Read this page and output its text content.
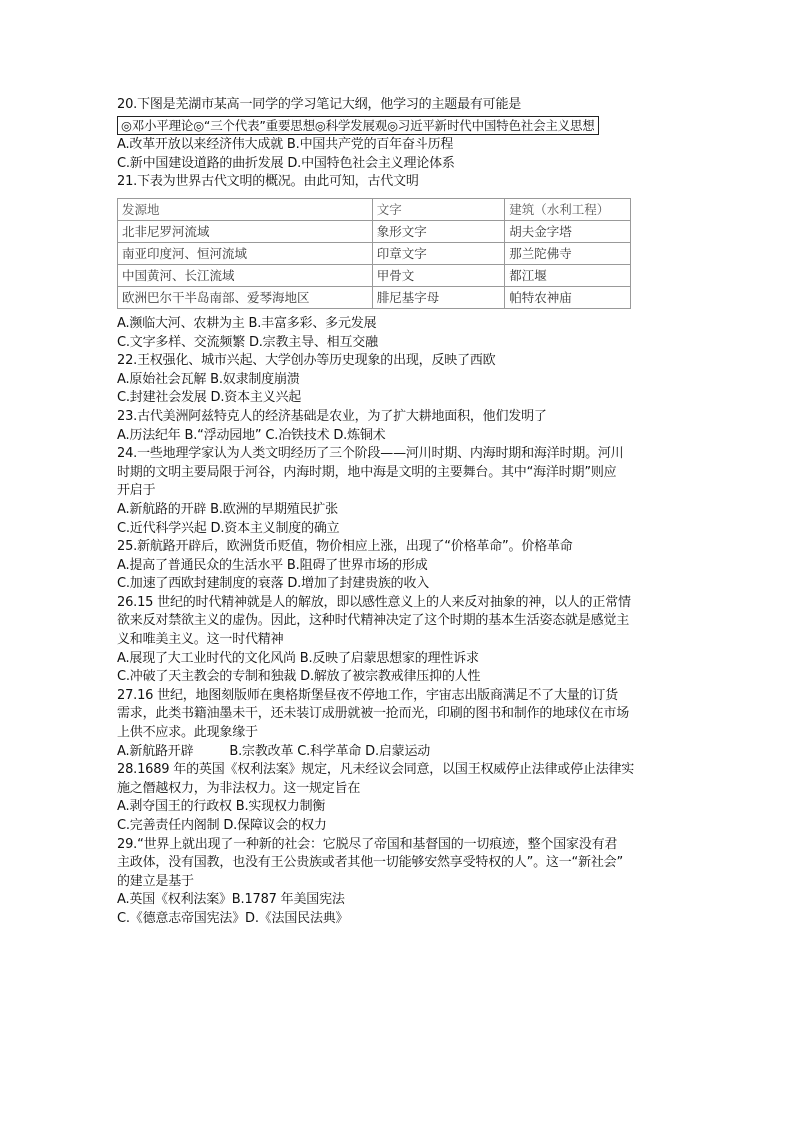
20.下图是芜湖市某高一同学的学习笔记大纲，他学习的主题最有可能是
◎邓小平理论◎“三个代表”重要思想◎科学发展观◎习近平新时代中国特色社会主义思想
A.改革开放以来经济伟大成就 B.中国共产党的百年奋斗历程
C.新中国建设道路的曲折发展 D.中国特色社会主义理论体系
21.下表为世界古代文明的概况。由此可知，古代文明
发源地	文字	建筑（水利工程）
北非尼罗河流域	象形文字	胡夫金字塔
南亚印度河、恒河流域	印章文字	那兰陀佛寺
中国黄河、长江流域	甲骨文	都江堰
欧洲巴尔干半岛南部、爱琴海地区	腓尼基字母	帕特农神庙
A.濒临大河、农耕为主 B.丰富多彩、多元发展
C.文字多样、交流频繁 D.宗教主导、相互交融
22.王权强化、城市兴起、大学创办等历史现象的出现，反映了西欧
A.原始社会瓦解 B.奴隶制度崩溃
C.封建社会发展 D.资本主义兴起
23.古代美洲阿兹特克人的经济基础是农业，为了扩大耕地面积，他们发明了
A.历法纪年 B.“浮动园地” C.冶铁技术 D.炼铜术
24.一些地理学家认为人类文明经历了三个阶段——河川时期、内海时期和海洋时期。河川
时期的文明主要局限于河谷，内海时期，地中海是文明的主要舞台。其中“海洋时期”则应
开启于
A.新航路的开辟 B.欧洲的早期殖民扩张
C.近代科学兴起 D.资本主义制度的确立
25.新航路开辟后，欧洲货币贬值，物价相应上涨，出现了“价格革命”。价格革命
A.提高了普通民众的生活水平 B.阻碍了世界市场的形成
C.加速了西欧封建制度的衰落 D.增加了封建贵族的收入
26.15 世纪的时代精神就是人的解放，即以感性意义上的人来反对抽象的神，以人的正常情
欲来反对禁欲主义的虚伪。因此，这种时代精神决定了这个时期的基本生活姿态就是感觉主
义和唯美主义。这一时代精神
A.展现了大工业时代的文化风尚 B.反映了启蒙思想家的理性诉求
C.冲破了天主教会的专制和独裁 D.解放了被宗教戒律压抑的人性
27.16 世纪，地图刻版师在奥格斯堡昼夜不停地工作，宇宙志出版商满足不了大量的订货
需求，此类书籍油墨未干，还未装订成册就被一抢而光，印刷的图书和制作的地球仪在市场
上供不应求。此现象缘于
A.新航路开辟	B.宗教改革 C.科学革命 D.启蒙运动
28.1689 年的英国《权利法案》规定，凡未经议会同意，以国王权威停止法律或停止法律实
施之僭越权力，为非法权力。这一规定旨在
A.剥夺国王的行政权 B.实现权力制衡
C.完善责任内阁制 D.保障议会的权力
29.“世界上就出现了一种新的社会：它脱尽了帝国和基督国的一切痕迹，整个国家没有君
主政体，没有国教，也没有王公贵族或者其他一切能够安然享受特权的人”。这一“新社会”
的建立是基于
A.英国《权利法案》B.1787 年美国宪法
C.《德意志帝国宪法》D.《法国民法典》
